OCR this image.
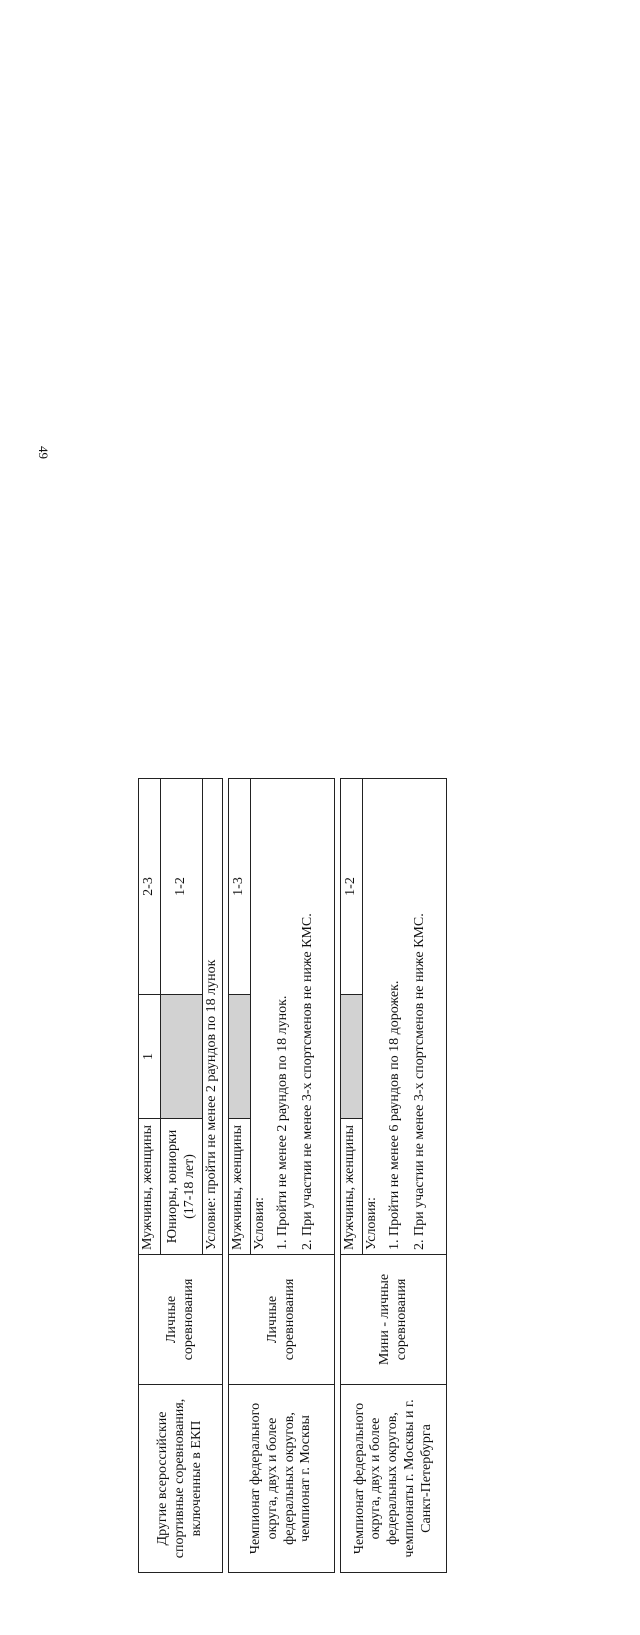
49
Другие всероссийские спортивные соревнования, включенные в ЕКП	Личные соревнования	Мужчины, женщины	1	2-3
		Юниоры, юниорки (17-18 лет)		1-2
		Условие: пройти не менее 2 раундов по 18 лунок		

Чемпионат федерального округа, двух и более федеральных округов, чемпионат г. Москвы	Личные соревнования	Мужчины, женщины		1-3

		Условия: 1. Пройти не менее 2 раундов по 18 лунок. 2. При участии не менее 3-х спортсменов не ниже КМС.		

Чемпионат федерального округа, двух и более федеральных округов, чемпионаты г. Москвы и г. Санкт-Петербурга	Мини - личные соревнования	Мужчины, женщины		1-2

		Условия: 1. Пройти не менее 6 раундов по 18 дорожек. 2. При участии не менее 3-х спортсменов не ниже КМС.		
